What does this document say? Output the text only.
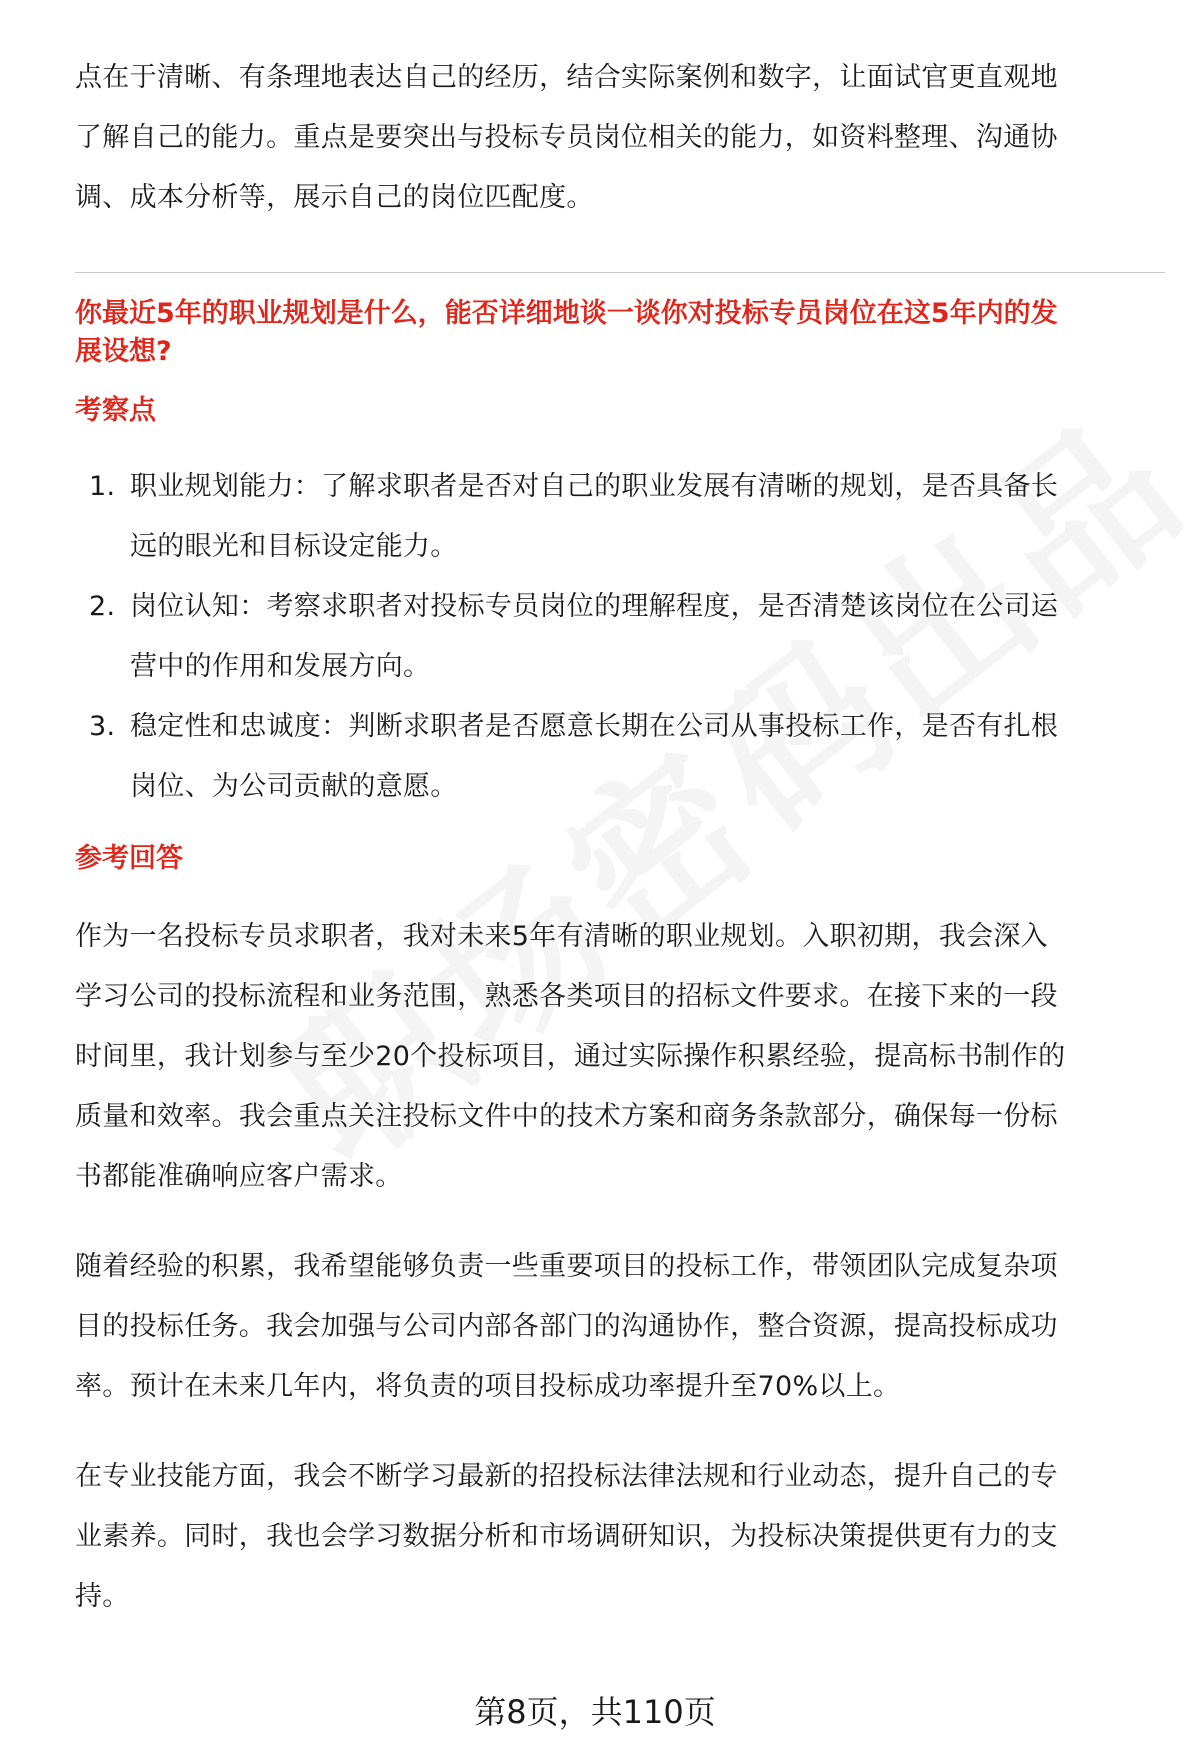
点在于清晰、有条理地表达自己的经历，结合实际案例和数字，让面试官更直观地

了解自己的能力。重点是要突出与投标专员岗位相关的能力，如资料整理、沟通协

调、成本分析等，展示自己的岗位匹配度。

你最近5年的职业规划是什么，能否详细地谈一谈你对投标专员岗位在这5年内的发

展设想?

考察点
1. 职业规划能力：了解求职者是否对自己的职业发展有清晰的规划，是否具备长
远的眼光和目标设定能力。
2. 岗位认知：考察求职者对投标专员岗位的理解程度，是否清楚该岗位在公司运
营中的作用和发展方向。
3. 稳定性和忠诚度：判断求职者是否愿意长期在公司从事投标工作，是否有扎根
岗位、为公司贡献的意愿。
参考回答

作为一名投标专员求职者，我对未来5年有清晰的职业规划。入职初期，我会深入

学习公司的投标流程和业务范围，熟悉各类项目的招标文件要求。在接下来的一段

时间里，我计划参与至少20个投标项目，通过实际操作积累经验，提高标书制作的

质量和效率。我会重点关注投标文件中的技术方案和商务条款部分，确保每一份标

书都能准确响应客户需求。

随着经验的积累，我希望能够负责一些重要项目的投标工作，带领团队完成复杂项

目的投标任务。我会加强与公司内部各部门的沟通协作，整合资源，提高投标成功

率。预计在未来几年内，将负责的项目投标成功率提升至70%以上。

在专业技能方面，我会不断学习最新的招投标法律法规和行业动态，提升自己的专

业素养。同时，我也会学习数据分析和市场调研知识，为投标决策提供更有力的支

持。

第8页，共110页
